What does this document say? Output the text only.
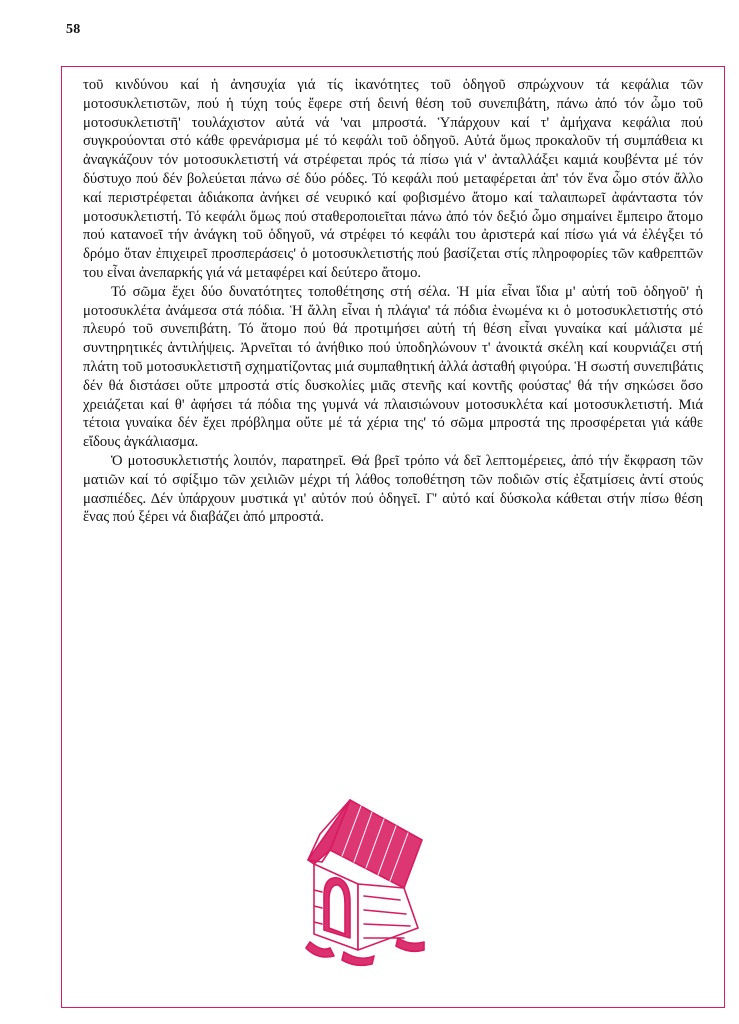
58

τοῦ κινδύνου καί ἡ ἀνησυχία γιά τίς ἱκανότητες τοῦ ὁδηγοῦ σπρώχνουν τά κεφάλια τῶν μοτοσυκλετιστῶν, πού ἡ τύχη τούς ἔφερε στή δεινή θέση τοῦ συνεπιβάτη, πάνω ἀπό τόν ὦμο τοῦ μοτοσυκλετιστῆ' τουλάχιστον αὐτά νά 'ναι μπροστά. Ὑπάρχουν καί τ' ἀμήχανα κεφάλια πού συγκρούονται στό κάθε φρενάρισμα μέ τό κεφάλι τοῦ ὁδηγοῦ. Αὐτά ὅμως προκαλοῦν τή συμπάθεια κι ἀναγκάζουν τόν μοτοσυκλετιστή νά στρέφεται πρός τά πίσω γιά ν' ἀνταλλάξει καμιά κουβέντα μέ τόν δύστυχο πού δέν βολεύεται πάνω σέ δύο ρόδες. Τό κεφάλι πού μεταφέρεται ἀπ' τόν ἕνα ὦμο στόν ἄλλο καί περιστρέφεται ἀδιάκοπα ἀνήκει σέ νευρικό καί φοβισμένο ἄτομο καί ταλαιπωρεῖ ἀφάνταστα τόν μοτοσυκλετιστή. Τό κεφάλι ὅμως πού σταθεροποιεῖται πάνω ἀπό τόν δεξιό ὦμο σημαίνει ἔμπειρο ἄτομο πού κατανοεῖ τήν ἀνάγκη τοῦ ὁδηγοῦ, νά στρέφει τό κεφάλι του ἀριστερά καί πίσω γιά νά ἐλέγξει τό δρόμο ὅταν ἐπιχειρεῖ προσπεράσεις' ὁ μοτοσυκλετιστής πού βασίζεται στίς πληροφορίες τῶν καθρεπτῶν του εἶναι ἀνεπαρκής γιά νά μεταφέρει καί δεύτερο ἄτομο.

Τό σῶμα ἔχει δύο δυνατότητες τοποθέτησης στή σέλα. Ἡ μία εἶναι ἴδια μ' αὐτή τοῦ ὁδηγοῦ' ἡ μοτοσυκλέτα ἀνάμεσα στά πόδια. Ἡ ἄλλη εἶναι ἡ πλάγια' τά πόδια ἑνωμένα κι ὁ μοτοσυκλετιστής στό πλευρό τοῦ συνεπιβάτη. Τό ἄτομο πού θά προτιμήσει αὐτή τή θέση εἶναι γυναίκα καί μάλιστα μέ συντηρητικές ἀντιλήψεις. Ἀρνεῖται τό ἀνήθικο πού ὑποδηλώνουν τ' ἀνοικτά σκέλη καί κουρνιάζει στή πλάτη τοῦ μοτοσυκλετιστῆ σχηματίζοντας μιά συμπαθητική ἀλλά ἀσταθή φιγούρα. Ἡ σωστή συνεπιβάτις δέν θά διστάσει οὔτε μπροστά στίς δυσκολίες μιᾶς στενῆς καί κοντῆς φούστας' θά τήν σηκώσει ὅσο χρειάζεται καί θ' ἀφήσει τά πόδια της γυμνά νά πλαισιώνουν μοτοσυκλέτα καί μοτοσυκλετιστή. Μιά τέτοια γυναίκα δέν ἔχει πρόβλημα οὔτε μέ τά χέρια της' τό σῶμα μπροστά της προσφέρεται γιά κάθε εἴδους ἀγκάλιασμα.

Ὁ μοτοσυκλετιστής λοιπόν, παρατηρεῖ. Θά βρεῖ τρόπο νά δεῖ λεπτομέρειες, ἀπό τήν ἔκφραση τῶν ματιῶν καί τό σφίξιμο τῶν χειλιῶν μέχρι τή λάθος τοποθέτηση τῶν ποδιῶν στίς ἐξατμίσεις ἀντί στούς μασπιέδες. Δέν ὑπάρχουν μυστικά γι' αὐτόν πού ὁδηγεῖ. Γ' αὐτό καί δύσκολα κάθεται στήν πίσω θέση ἕνας πού ξέρει νά διαβάζει ἀπό μπροστά.
